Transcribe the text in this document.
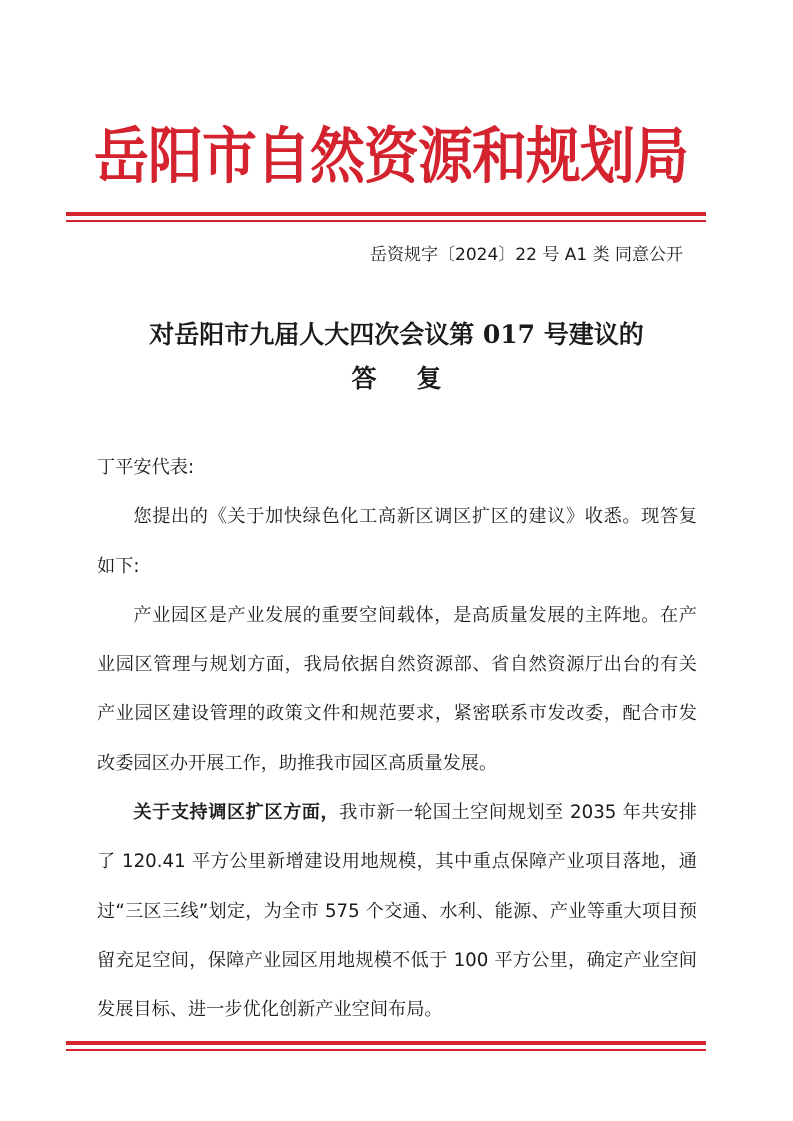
岳阳市自然资源和规划局
岳资规字〔2024〕22 号 A1 类 同意公开
对岳阳市九届人大四次会议第 017 号建议的
答复

丁平安代表:

您提出的《关于加快绿色化工高新区调区扩区的建议》收悉。现答复如下:

产业园区是产业发展的重要空间载体，是高质量发展的主阵地。在产业园区管理与规划方面，我局依据自然资源部、省自然资源厅出台的有关产业园区建设管理的政策文件和规范要求，紧密联系市发改委，配合市发改委园区办开展工作，助推我市园区高质量发展。

关于支持调区扩区方面，我市新一轮国土空间规划至 2035 年共安排了 120.41 平方公里新增建设用地规模，其中重点保障产业项目落地，通过“三区三线”划定，为全市 575 个交通、水利、能源、产业等重大项目预留充足空间，保障产业园区用地规模不低于 100 平方公里，确定产业空间发展目标、进一步优化创新产业空间布局。
